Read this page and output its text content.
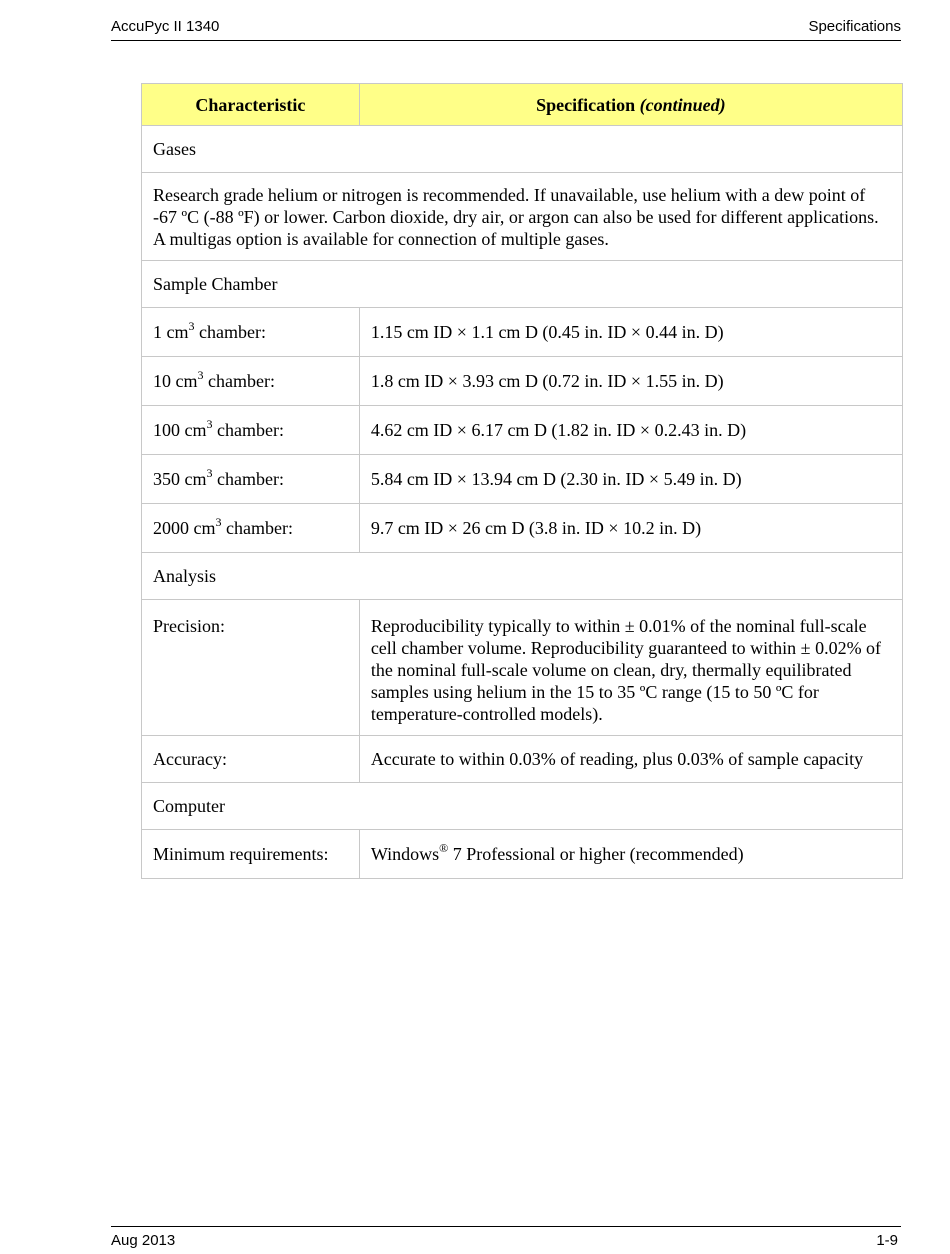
AccuPyc II 1340	Specifications
Characteristic	Specification (continued)
Gases	
Research grade helium or nitrogen is recommended. If unavailable, use helium with a dew point of -67 ºC (-88 ºF) or lower. Carbon dioxide, dry air, or argon can also be used for different applications. A multigas option is available for connection of multiple gases.	
Sample Chamber	
1 $cm^3$ chamber:	1.15 cm ID × 1.1 cm D (0.45 in. ID × 0.44 in. D)
10 $cm^3$ chamber:	1.8 cm ID × 3.93 cm D (0.72 in. ID × 1.55 in. D)
100 $cm^3$ chamber:	4.62 cm ID × 6.17 cm D (1.82 in. ID × 0.2.43 in. D)
350 $cm^3$ chamber:	5.84 cm ID × 13.94 cm D (2.30 in. ID × 5.49 in. D)
2000 $cm^3$ chamber:	9.7 cm ID × 26 cm D (3.8 in. ID × 10.2 in. D)
Analysis	
Precision:	Reproducibility typically to within ± 0.01% of the nominal full-scale cell chamber volume. Reproducibility guaranteed to within ± 0.02% of the nominal full-scale volume on clean, dry, thermally equilibrated samples using helium in the 15 to 35 ºC range (15 to 50 ºC for temperature-controlled models).
Accuracy:	Accurate to within 0.03% of reading, plus 0.03% of sample capacity
Computer	
Minimum requirements:	Windows® 7 Professional or higher (recommended)
Aug 2013	1-9
